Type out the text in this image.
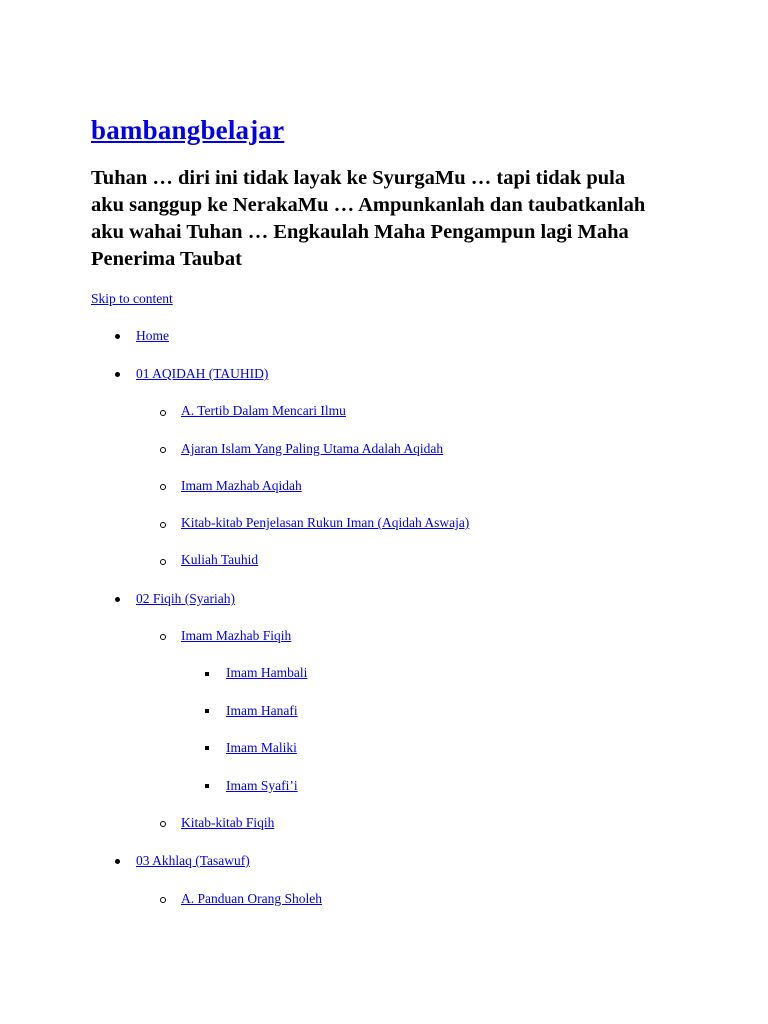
bambangbelajar

Tuhan … diri ini tidak layak ke SyurgaMu … tapi tidak pula aku sanggup ke NerakaMu … Ampunkanlah dan taubatkanlah aku wahai Tuhan … Engkaulah Maha Pengampun lagi Maha Penerima Taubat

Skip to content
Home
01 AQIDAH (TAUHID)
A. Tertib Dalam Mencari Ilmu
Ajaran Islam Yang Paling Utama Adalah Aqidah
Imam Mazhab Aqidah
Kitab-kitab Penjelasan Rukun Iman (Aqidah Aswaja)
Kuliah Tauhid
02 Fiqih (Syariah)
Imam Mazhab Fiqih
Imam Hambali
Imam Hanafi
Imam Maliki
Imam Syafi’i
Kitab-kitab Fiqih
03 Akhlaq (Tasawuf)
A. Panduan Orang Sholeh
